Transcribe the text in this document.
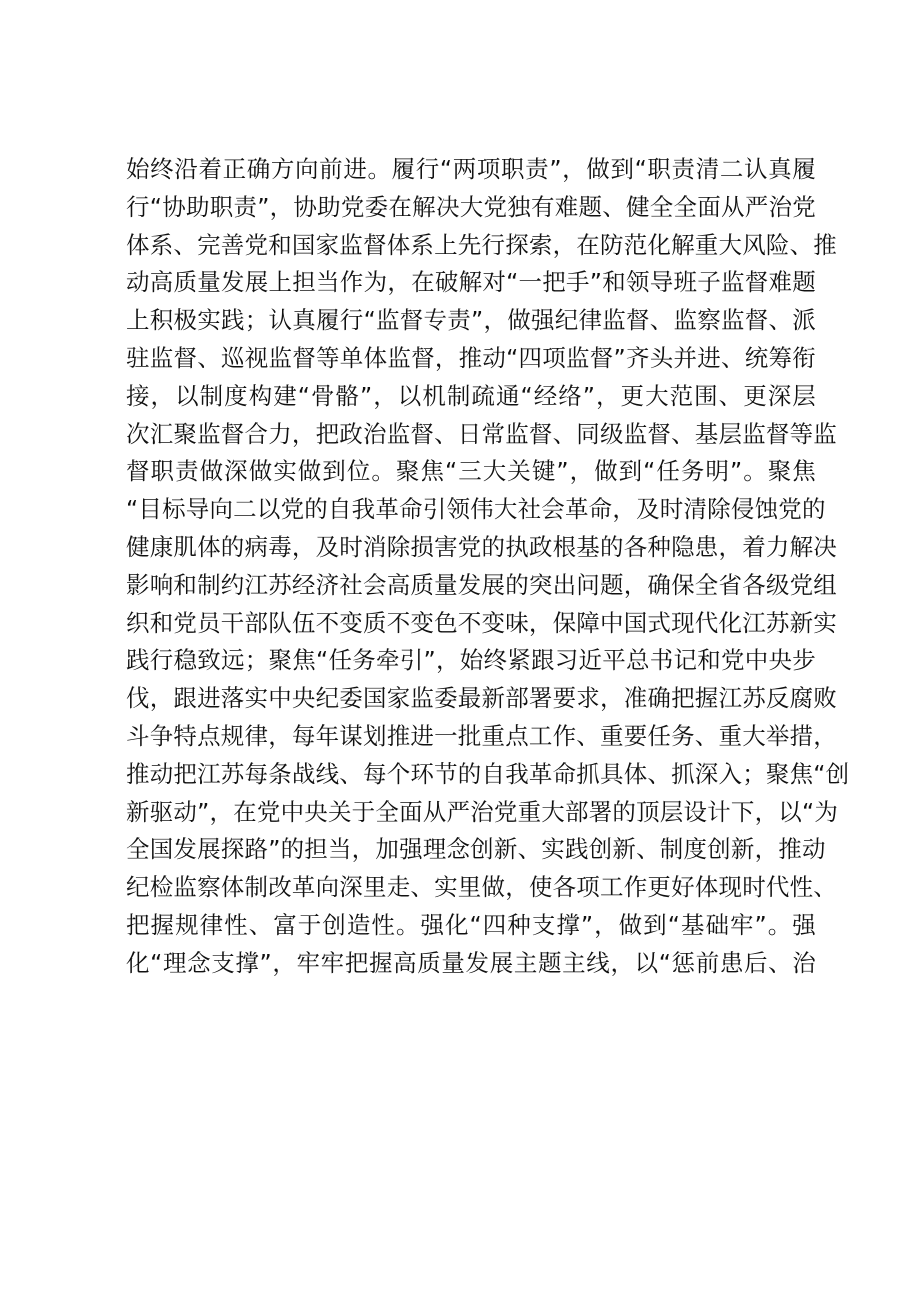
始终沿着正确方向前进。履行“两项职责”，做到“职责清二认真履
行“协助职责”，协助党委在解决大党独有难题、健全全面从严治党
体系、完善党和国家监督体系上先行探索，在防范化解重大风险、推
动高质量发展上担当作为，在破解对“一把手”和领导班子监督难题
上积极实践；认真履行“监督专责”，做强纪律监督、监察监督、派
驻监督、巡视监督等单体监督，推动“四项监督”齐头并进、统筹衔
接，以制度构建“骨骼”，以机制疏通“经络”，更大范围、更深层
次汇聚监督合力，把政治监督、日常监督、同级监督、基层监督等监
督职责做深做实做到位。聚焦“三大关键”，做到“任务明”。聚焦
“目标导向二以党的自我革命引领伟大社会革命，及时清除侵蚀党的
健康肌体的病毒，及时消除损害党的执政根基的各种隐患，着力解决
影响和制约江苏经济社会高质量发展的突出问题，确保全省各级党组
织和党员干部队伍不变质不变色不变味，保障中国式现代化江苏新实
践行稳致远；聚焦“任务牵引”，始终紧跟习近平总书记和党中央步
伐，跟进落实中央纪委国家监委最新部署要求，准确把握江苏反腐败
斗争特点规律，每年谋划推进一批重点工作、重要任务、重大举措，
推动把江苏每条战线、每个环节的自我革命抓具体、抓深入；聚焦“创
新驱动”，在党中央关于全面从严治党重大部署的顶层设计下，以“为
全国发展探路”的担当，加强理念创新、实践创新、制度创新，推动
纪检监察体制改革向深里走、实里做，使各项工作更好体现时代性、
把握规律性、富于创造性。强化“四种支撑”，做到“基础牢”。强
化“理念支撑”，牢牢把握高质量发展主题主线，以“惩前患后、治
